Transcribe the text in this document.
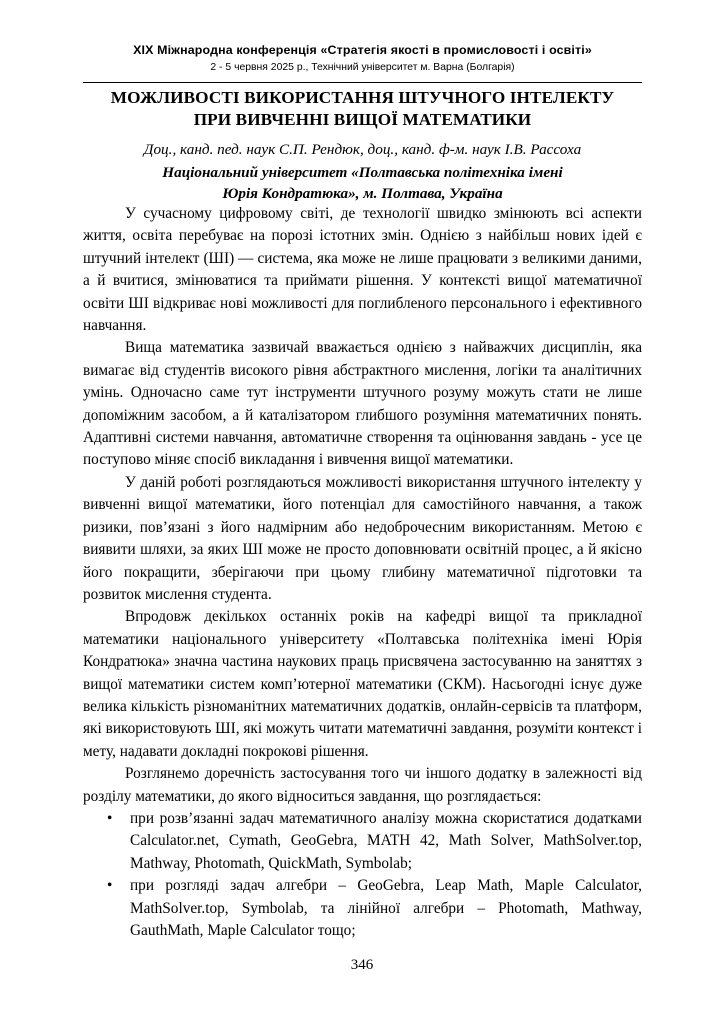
XIX Міжнародна конференція «Стратегія якості в промисловості і освіті»
2 - 5 червня 2025 р., Технічний університет м. Варна (Болгарія)
МОЖЛИВОСТІ ВИКОРИСТАННЯ ШТУЧНОГО ІНТЕЛЕКТУ
ПРИ ВИВЧЕННІ ВИЩОЇ МАТЕМАТИКИ
Доц., канд. пед. наук С.П. Рендюк, доц., канд. ф-м. наук І.В. Рассоха
Національний університет «Полтавська політехніка імені
Юрія Кондратюка», м. Полтава, Україна

У сучасному цифровому світі, де технології швидко змінюють всі аспекти життя, освіта перебуває на порозі істотних змін. Однією з найбільш нових ідей є штучний інтелект (ШІ) — система, яка може не лише працювати з великими даними, а й вчитися, змінюватися та приймати рішення. У контексті вищої математичної освіти ШІ відкриває нові можливості для поглибленого персонального і ефективного навчання.

Вища математика зазвичай вважається однією з найважчих дисциплін, яка вимагає від студентів високого рівня абстрактного мислення, логіки та аналітичних умінь. Одночасно саме тут інструменти штучного розуму можуть стати не лише допоміжним засобом, а й каталізатором глибшого розуміння математичних понять. Адаптивні системи навчання, автоматичне створення та оцінювання завдань - усе це поступово міняє спосіб викладання і вивчення вищої математики.

У даній роботі розглядаються можливості використання штучного інтелекту у вивченні вищої математики, його потенціал для самостійного навчання, а також ризики, пов’язані з його надмірним або недоброчесним використанням. Метою є виявити шляхи, за яких ШІ може не просто доповнювати освітній процес, а й якісно його покращити, зберігаючи при цьому глибину математичної підготовки та розвиток мислення студента.

Впродовж декількох останніх років на кафедрі вищої та прикладної математики національного університету «Полтавська політехніка імені Юрія Кондратюка» значна частина наукових праць присвячена застосуванню на заняттях з вищої математики систем комп’ютерної математики (СКМ). Насьогодні існує дуже велика кількість різноманітних математичних додатків, онлайн-сервісів та платформ, які використовують ШІ, які можуть читати математичні завдання, розуміти контекст і мету, надавати докладні покрокові рішення.

Розглянемо доречність застосування того чи іншого додатку в залежності від розділу математики, до якого відноситься завдання, що розглядається:

• при розв’язанні задач математичного аналізу можна скористатися додатками Calculator.net, Cymath, GeoGebra, MATH 42, Math Solver, MathSolver.top, Mathway, Photomath, QuickMath, Symbolab;
• при розгляді задач алгебри – GeoGebra, Leap Math, Maple Calculator, MathSolver.top, Symbolab, та лінійної алгебри – Photomath, Mathway, GauthMath, Maple Calculator тощо;
346
